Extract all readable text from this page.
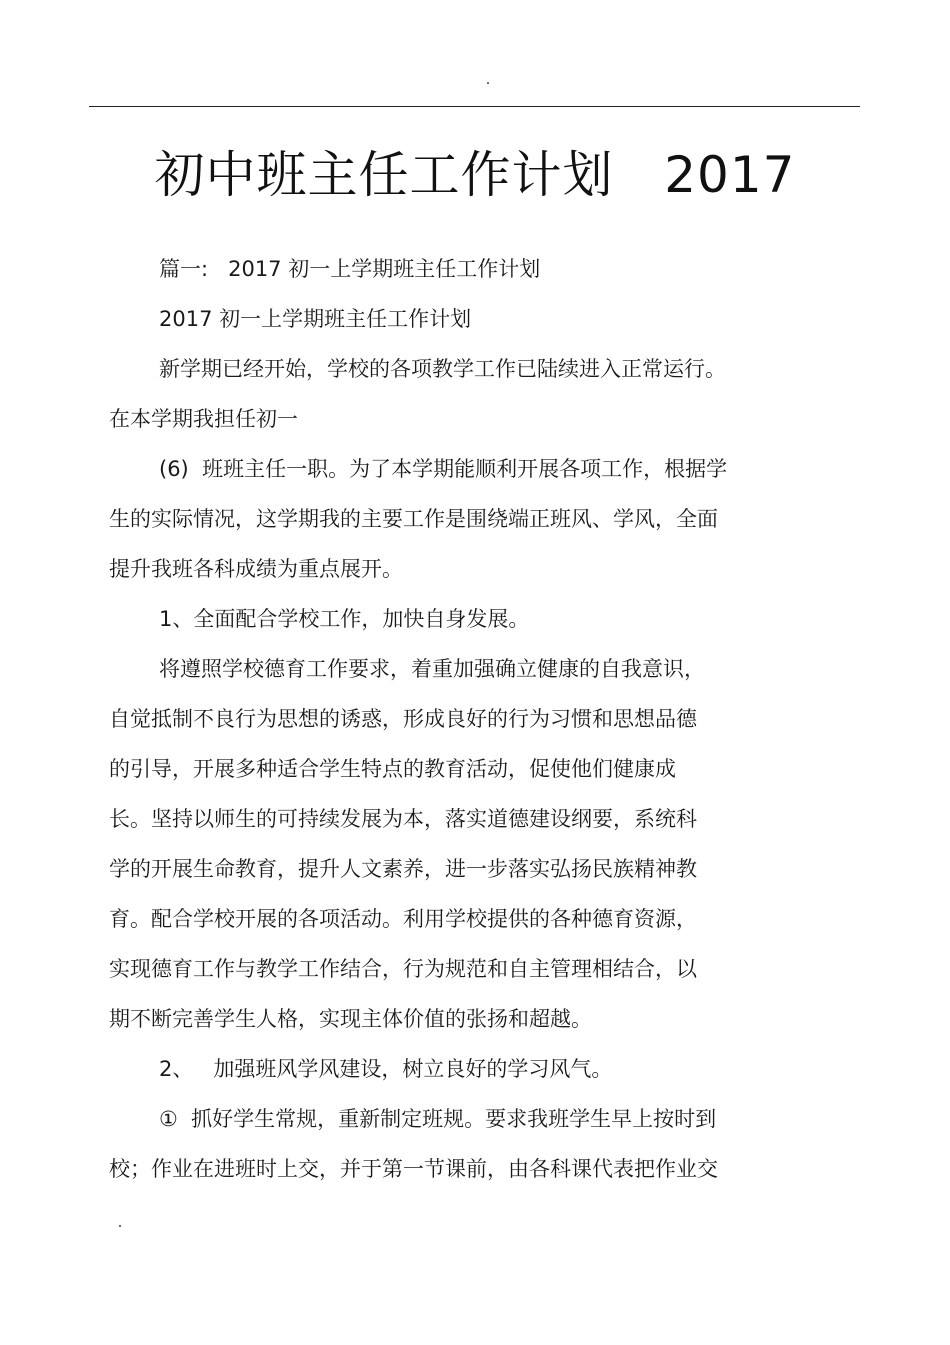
初中班主任工作计划   2017
篇一:   2017 初一上学期班主任工作计划
2017 初一上学期班主任工作计划
新学期已经开始，学校的各项教学工作已陆续进入正常运行。
在本学期我担任初一
(6)  班班主任一职。为了本学期能顺利开展各项工作，根据学
生的实际情况，这学期我的主要工作是围绕端正班风、学风，全面
提升我班各科成绩为重点展开。
1、全面配合学校工作，加快自身发展。
将遵照学校德育工作要求，着重加强确立健康的自我意识，
自觉抵制不良行为思想的诱惑，形成良好的行为习惯和思想品德
的引导，开展多种适合学生特点的教育活动，促使他们健康成
长。坚持以师生的可持续发展为本，落实道德建设纲要，系统科
学的开展生命教育，提升人文素养，进一步落实弘扬民族精神教
育。配合学校开展的各项活动。利用学校提供的各种德育资源，
实现德育工作与教学工作结合，行为规范和自主管理相结合，以
期不断完善学生人格，实现主体价值的张扬和超越。
2、   加强班风学风建设，树立良好的学习风气。
①  抓好学生常规，重新制定班规。要求我班学生早上按时到
校；作业在进班时上交，并于第一节课前，由各科课代表把作业交
